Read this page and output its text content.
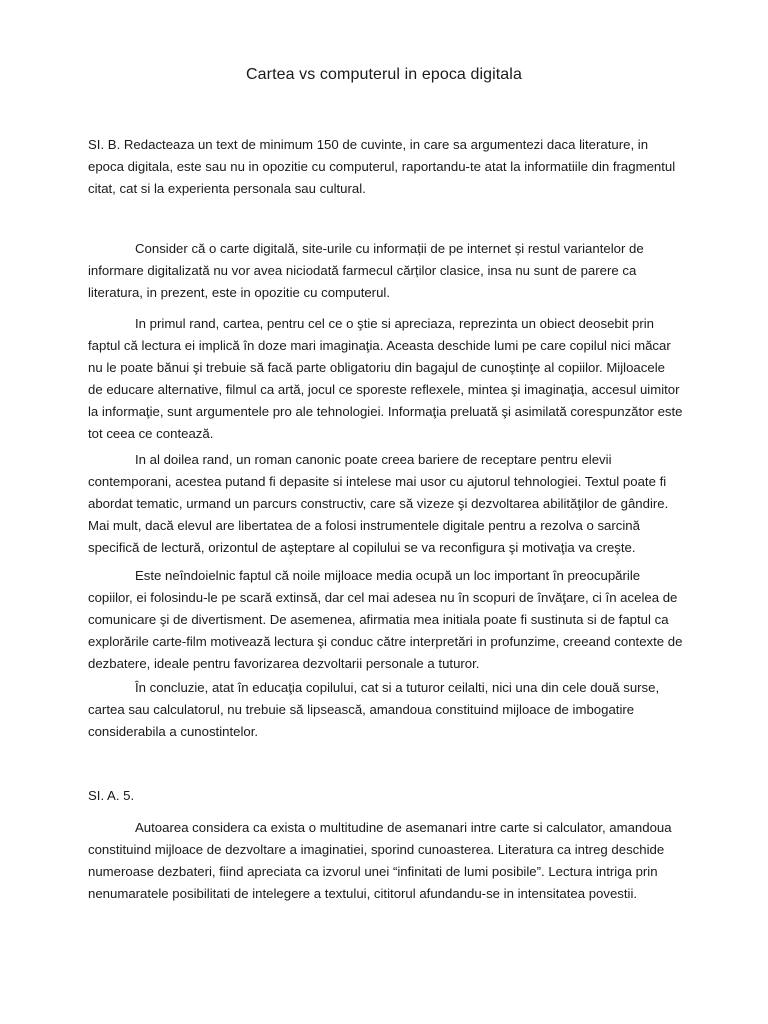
Cartea vs computerul in epoca digitala

SI. B. Redacteaza un text de minimum 150 de cuvinte, in care sa argumentezi daca literature, in epoca digitala, este sau nu in opozitie cu computerul, raportandu-te atat la informatiile din fragmentul citat, cat si la experienta personala sau cultural.

Consider că o carte digitală, site-urile cu informații de pe internet și restul variantelor de informare digitalizată nu vor avea niciodată farmecul cărților clasice, insa nu sunt de parere ca literatura, in prezent, este in opozitie cu computerul.

In primul rand, cartea, pentru cel ce o ştie si apreciaza, reprezinta un obiect deosebit prin faptul că lectura ei implică în doze mari imaginaţia. Aceasta deschide lumi pe care copilul nici măcar nu le poate bănui şi trebuie să facă parte obligatoriu din bagajul de cunoştinţe al copiilor. Mijloacele de educare alternative, filmul ca artă, jocul ce sporeste reflexele, mintea şi imaginaţia, accesul uimitor la informaţie, sunt argumentele pro ale tehnologiei. Informaţia preluată şi asimilată corespunzător este tot ceea ce contează.

In al doilea rand, un roman canonic poate creea bariere de receptare pentru elevii contemporani, acestea putand fi depasite si intelese mai usor cu ajutorul tehnologiei. Textul poate fi abordat tematic, urmand un parcurs constructiv, care să vizeze şi dezvoltarea abilităţilor de gândire. Mai mult, dacă elevul are libertatea de a folosi instrumentele digitale pentru a rezolva o sarcină specifică de lectură, orizontul de aşteptare al copilului se va reconfigura şi motivaţia va creşte.

Este neîndoielnic faptul că noile mijloace media ocupă un loc important în preocupările copiilor, ei folosindu-le pe scară extinsă, dar cel mai adesea nu în scopuri de învăţare, ci în acelea de comunicare şi de divertisment. De asemenea, afirmatia mea initiala poate fi sustinuta si de faptul ca explorările carte-film motivează lectura şi conduc către interpretări in profunzime, creeand contexte de dezbatere, ideale pentru favorizarea dezvoltarii personale a tuturor.

În concluzie, atat în educaţia copilului, cat si a tuturor ceilalti, nici una din cele două surse, cartea sau calculatorul, nu trebuie să lipsească, amandoua constituind mijloace de imbogatire considerabila a cunostintelor.

SI. A. 5.

Autoarea considera ca exista o multitudine de asemanari intre carte si calculator, amandoua constituind mijloace de dezvoltare a imaginatiei, sporind cunoasterea. Literatura ca intreg deschide numeroase dezbateri, fiind apreciata ca izvorul unei “infinitati de lumi posibile”. Lectura intriga prin nenumaratele posibilitati de intelegere a textului, cititorul afundandu-se in intensitatea povestii.
